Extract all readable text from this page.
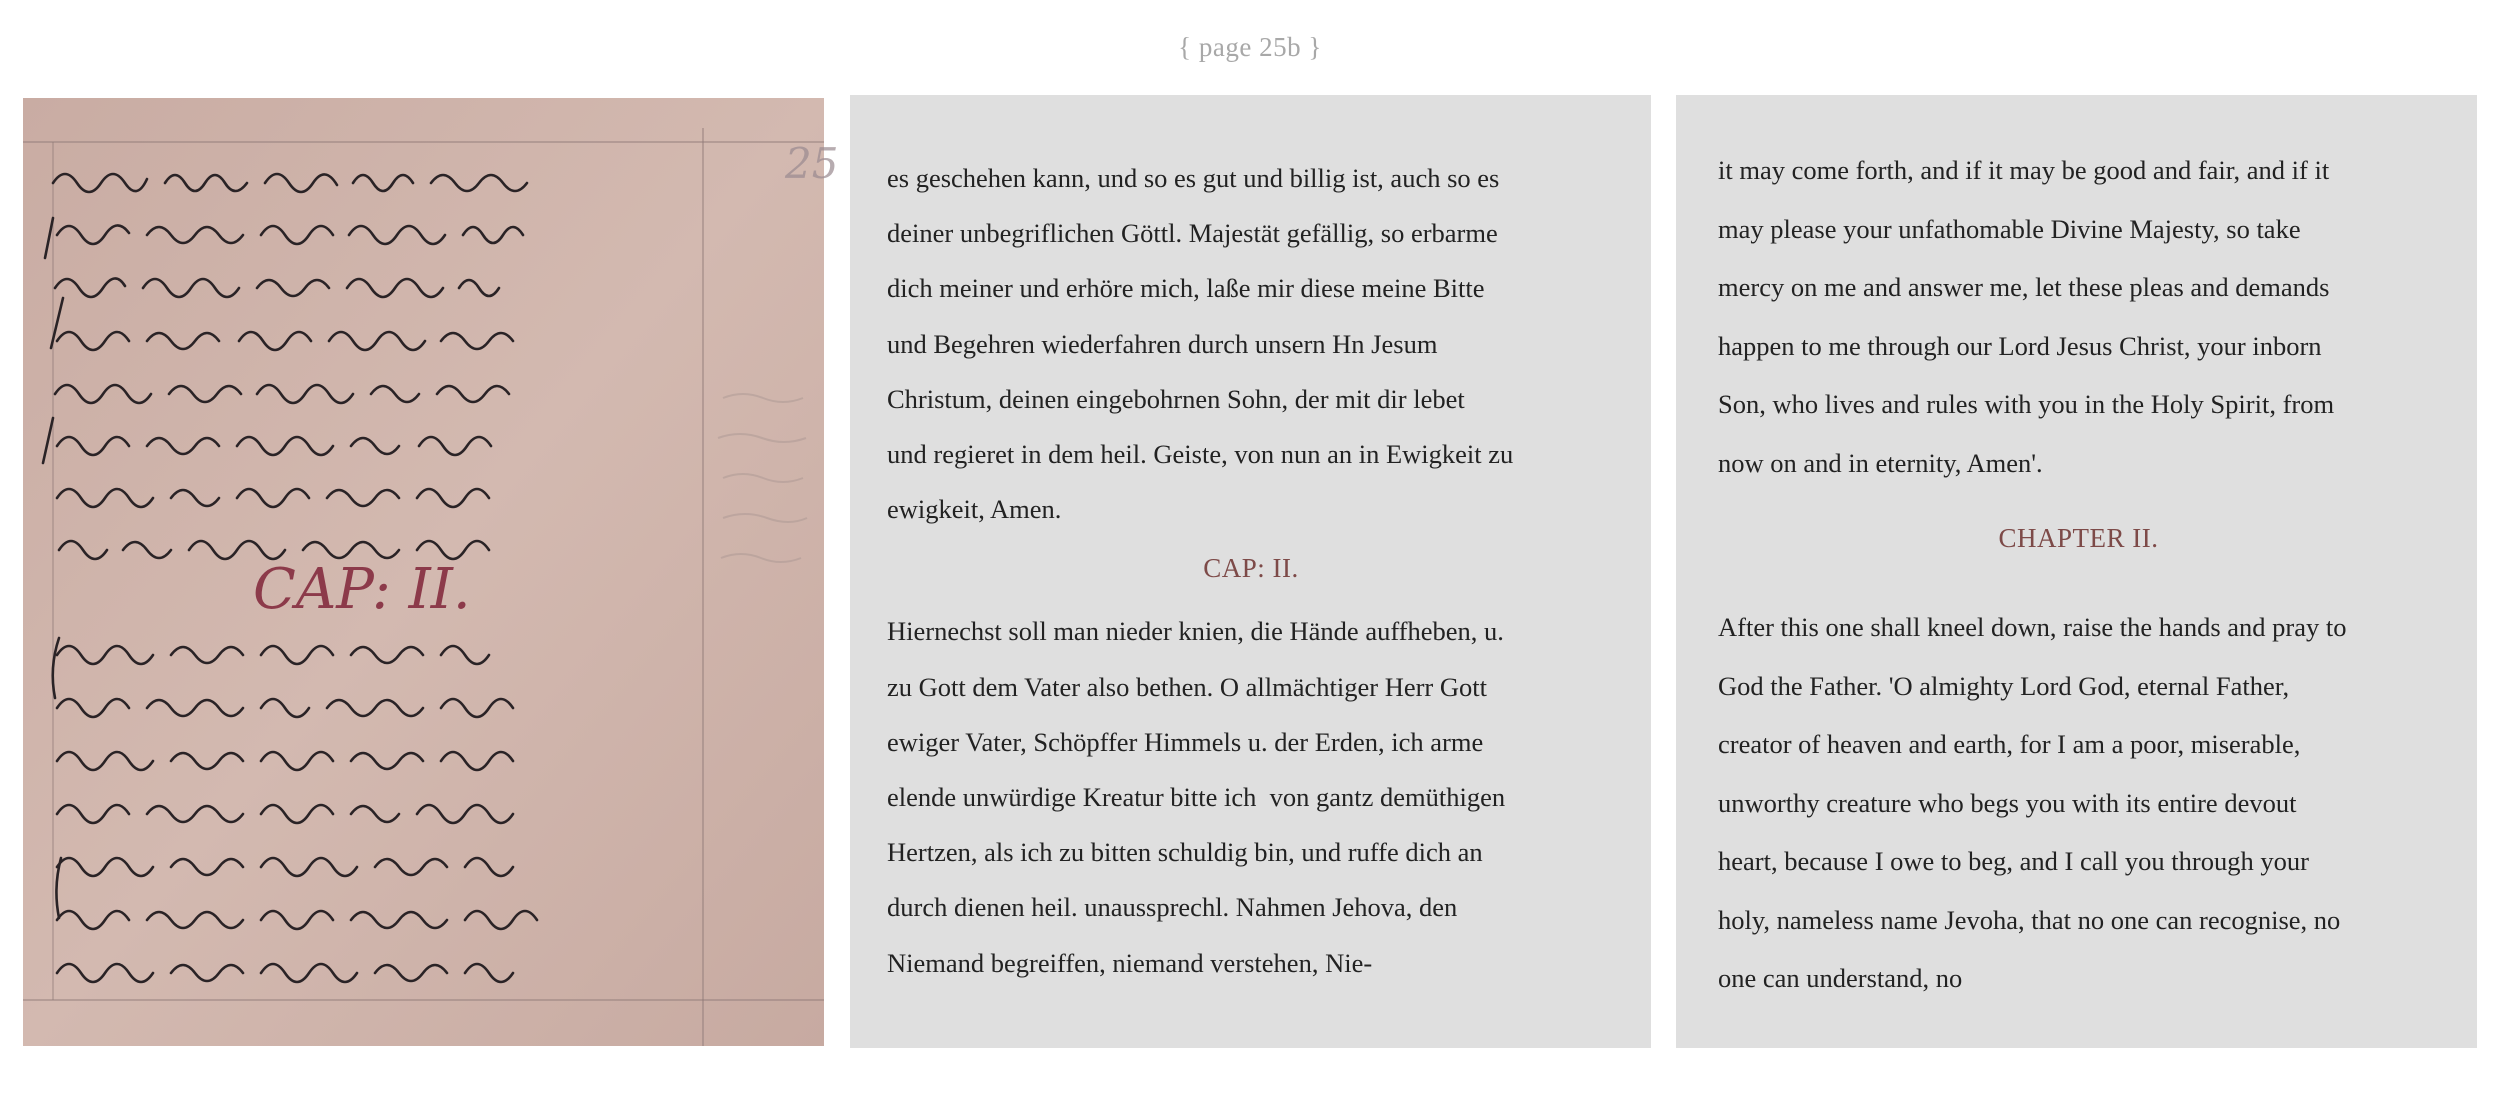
{ page 25b }
25
CAP: II.

es geschehen kann, und so es gut und billig ist, auch so es
deiner unbegriflichen Göttl. Majestät gefällig, so erbarme
dich meiner und erhöre mich, laße mir diese meine Bitte
und Begehren wiederfahren durch unsern Hn Jesum
Christum, deinen eingebohrnen Sohn, der mit dir lebet
und regieret in dem heil. Geiste, von nun an in Ewigkeit zu
ewigkeit, Amen.

CAP: II.

Hiernechst soll man nieder knien, die Hände auffheben, u.
zu Gott dem Vater also bethen. O allmächtiger Herr Gott
ewiger Vater, Schöpffer Himmels u. der Erden, ich arme
elende unwürdige Kreatur bitte ich  von gantz demüthigen
Hertzen, als ich zu bitten schuldig bin, und ruffe dich an
durch dienen heil. unaussprechl. Nahmen Jehova, den
Niemand begreiffen, niemand verstehen, Nie-

it may come forth, and if it may be good and fair, and if it
may please your unfathomable Divine Majesty, so take
mercy on me and answer me, let these pleas and demands
happen to me through our Lord Jesus Christ, your inborn
Son, who lives and rules with you in the Holy Spirit, from
now on and in eternity, Amen'.

CHAPTER II.

After this one shall kneel down, raise the hands and pray to
God the Father. 'O almighty Lord God, eternal Father,
creator of heaven and earth, for I am a poor, miserable,
unworthy creature who begs you with its entire devout
heart, because I owe to beg, and I call you through your
holy, nameless name Jevoha, that no one can recognise, no
one can understand, no
